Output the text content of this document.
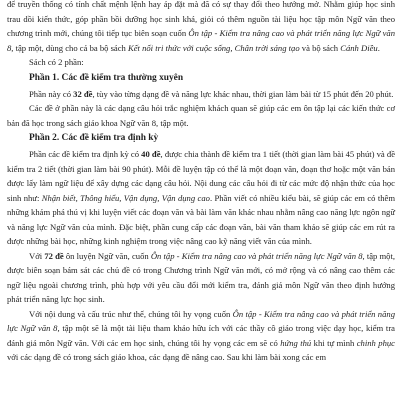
để truyền thống có tính chất mệnh lệnh hay áp đặt mà đã có sự thay đổi theo hướng mở. Nhằm giúp học sinh trau dồi kiến thức, góp phần bồi dưỡng học sinh khá, giỏi có thêm nguồn tài liệu học tập môn Ngữ văn theo chương trình mới, chúng tôi tiếp tục biên soạn cuốn Ôn tập - Kiểm tra nâng cao và phát triển năng lực Ngữ văn 8, tập một, dùng cho cả ba bộ sách Kết nối tri thức với cuộc sống, Chân trời sáng tạo và bộ sách Cánh Diều.

Sách có 2 phần:

Phần 1. Các đề kiểm tra thường xuyên

Phần này có 32 đề, tùy vào từng dạng đề và năng lực khác nhau, thời gian làm bài từ 15 phút đến 20 phút.

Các đề ở phần này là các dạng câu hỏi trắc nghiệm khách quan sẽ giúp các em ôn tập lại các kiến thức cơ bản đã học trong sách giáo khoa Ngữ văn 8, tập một.

Phần 2. Các đề kiểm tra định kỳ

Phần các đề kiểm tra định kỳ có 40 đề, được chia thành đề kiểm tra 1 tiết (thời gian làm bài 45 phút) và đề kiểm tra 2 tiết (thời gian làm bài 90 phút). Mỗi đề luyện tập có thể là một đoạn văn, đoạn thơ hoặc một văn bản được lấy làm ngữ liệu để xây dựng các dạng câu hỏi. Nội dung các câu hỏi đi từ các mức độ nhận thức của học sinh như: Nhận biết, Thông hiểu, Vận dụng, Vận dụng cao. Phần viết có nhiều kiểu bài, sẽ giúp các em có thêm những khám phá thú vị khi luyện viết các đoạn văn và bài làm văn khác nhau nhằm nâng cao năng lực ngôn ngữ và năng lực Ngữ văn của mình. Đặc biệt, phần cung cấp các đoạn văn, bài văn tham khảo sẽ giúp các em rút ra được những bài học, những kinh nghiệm trong việc nâng cao kỹ năng viết văn của mình.

Với 72 đề ôn luyện Ngữ văn, cuốn Ôn tập - Kiểm tra nâng cao và phát triển năng lực Ngữ văn 8, tập một, được biên soạn bám sát các chủ đề có trong Chương trình Ngữ văn mới, có mở rộng và có nâng cao thêm các ngữ liệu ngoài chương trình, phù hợp với yêu cầu đổi mới kiểm tra, đánh giá môn Ngữ văn theo định hướng phát triển năng lực học sinh.

Với nội dung và cấu trúc như thế, chúng tôi hy vọng cuốn Ôn tập - Kiểm tra nâng cao và phát triển năng lực Ngữ văn 8, tập một sẽ là một tài liệu tham khảo hữu ích với các thầy cô giáo trong việc dạy học, kiểm tra đánh giá môn Ngữ văn. Với các em học sinh, chúng tôi hy vọng các em sẽ có hứng thú khi tự mình chinh phục với các dạng đề có trong sách giáo khoa, các dạng đề nâng cao. Sau khi làm bài xong các em
